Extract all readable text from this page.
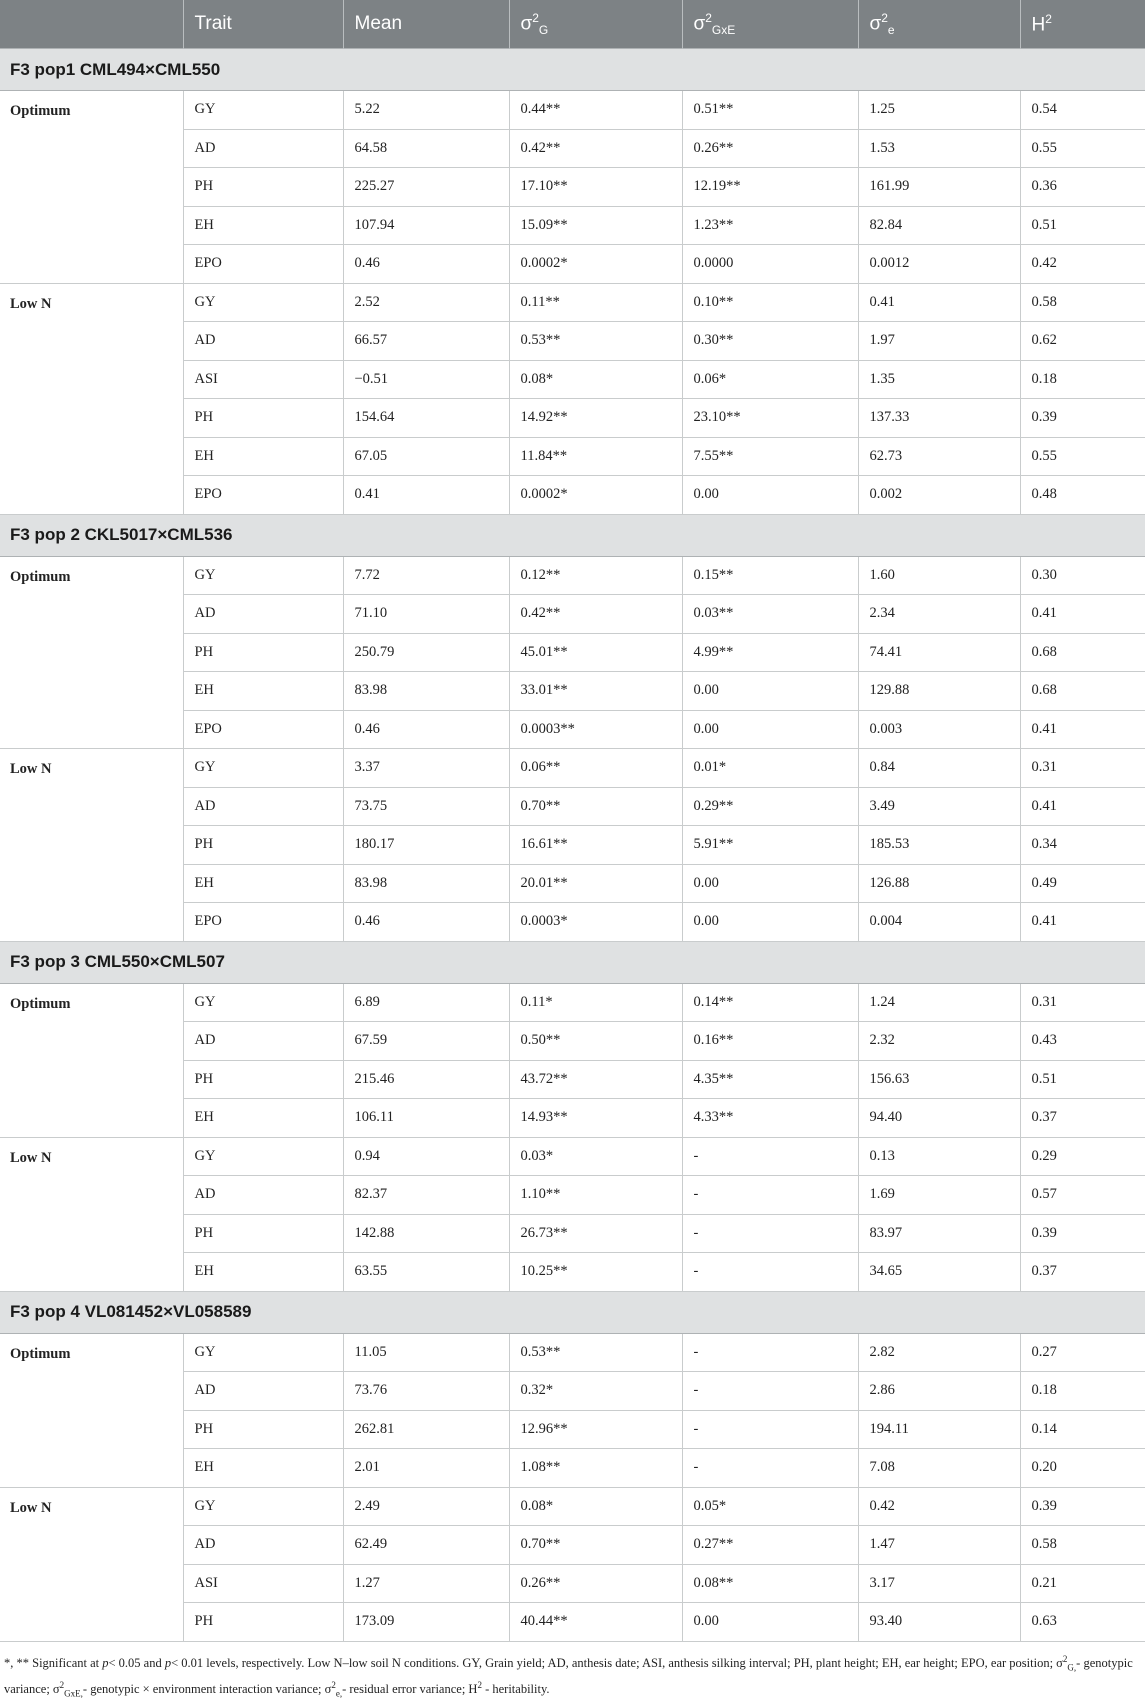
	Trait	Mean	$\sigma^2_G$	$\sigma^2_{GxE}$	$\sigma^2_e$	$H^2$
F3 pop1 CML494×CML550						
Optimum	GY	5.22	0.44**	0.51**	1.25	0.54
	AD	64.58	0.42**	0.26**	1.53	0.55
	PH	225.27	17.10**	12.19**	161.99	0.36
	EH	107.94	15.09**	1.23**	82.84	0.51
	EPO	0.46	0.0002*	0.0000	0.0012	0.42
Low N	GY	2.52	0.11**	0.10**	0.41	0.58
	AD	66.57	0.53**	0.30**	1.97	0.62
	ASI	−0.51	0.08*	0.06*	1.35	0.18
	PH	154.64	14.92**	23.10**	137.33	0.39
	EH	67.05	11.84**	7.55**	62.73	0.55
	EPO	0.41	0.0002*	0.00	0.002	0.48
F3 pop 2 CKL5017×CML536						
Optimum	GY	7.72	0.12**	0.15**	1.60	0.30
	AD	71.10	0.42**	0.03**	2.34	0.41
	PH	250.79	45.01**	4.99**	74.41	0.68
	EH	83.98	33.01**	0.00	129.88	0.68
	EPO	0.46	0.0003**	0.00	0.003	0.41
Low N	GY	3.37	0.06**	0.01*	0.84	0.31
	AD	73.75	0.70**	0.29**	3.49	0.41
	PH	180.17	16.61**	5.91**	185.53	0.34
	EH	83.98	20.01**	0.00	126.88	0.49
	EPO	0.46	0.0003*	0.00	0.004	0.41
F3 pop 3 CML550×CML507						
Optimum	GY	6.89	0.11*	0.14**	1.24	0.31
	AD	67.59	0.50**	0.16**	2.32	0.43
	PH	215.46	43.72**	4.35**	156.63	0.51
	EH	106.11	14.93**	4.33**	94.40	0.37
Low N	GY	0.94	0.03*	-	0.13	0.29
	AD	82.37	1.10**	-	1.69	0.57
	PH	142.88	26.73**	-	83.97	0.39
	EH	63.55	10.25**	-	34.65	0.37
F3 pop 4 VL081452×VL058589						
Optimum	GY	11.05	0.53**	-	2.82	0.27
	AD	73.76	0.32*	-	2.86	0.18
	PH	262.81	12.96**	-	194.11	0.14
	EH	2.01	1.08**	-	7.08	0.20
Low N	GY	2.49	0.08*	0.05*	0.42	0.39
	AD	62.49	0.70**	0.27**	1.47	0.58
	ASI	1.27	0.26**	0.08**	3.17	0.21
	PH	173.09	40.44**	0.00	93.40	0.63
*, ** Significant at p< 0.05 and p< 0.01 levels, respectively. Low N–low soil N conditions. GY, Grain yield; AD, anthesis date; ASI, anthesis silking interval; PH, plant height; EH, ear height; EPO, ear position; $\sigma^2_{G,}-$ genotypic variance; $\sigma^2_{GxE,}-$ genotypic × environment interaction variance; $\sigma^2_{e,}-$ residual error variance; $H^2$ - heritability.
